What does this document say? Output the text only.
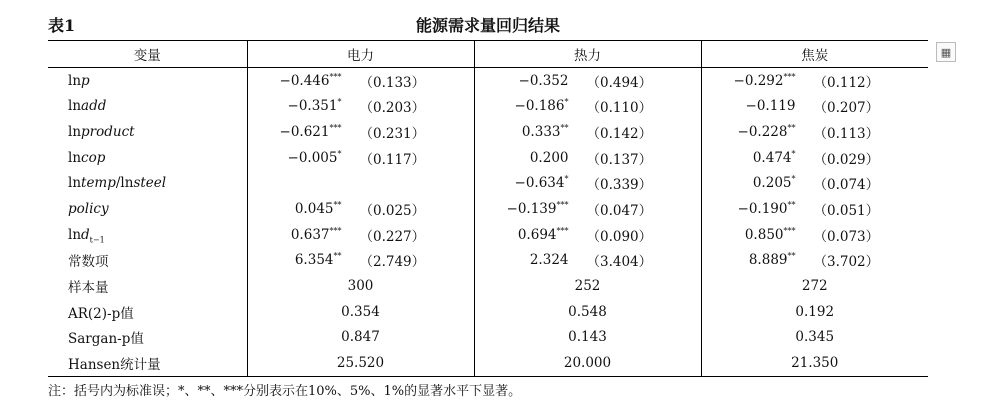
表1	能源需求量回归结果
变量	电力	热力	焦炭
lnp	−0.446*** （0.133）	−0.352 （0.494）	−0.292*** （0.112）

lnadd	−0.351* （0.203）	−0.186* （0.110）	−0.119 （0.207）

lnproduct	−0.621*** （0.231）	0.333** （0.142）	−0.228** （0.113）

lncop	−0.005* （0.117）	0.200 （0.137）	0.474* （0.029）

lntemp/lnsteel		−0.634* （0.339）	0.205* （0.074）

policy	0.045** （0.025）	−0.139*** （0.047）	−0.190** （0.051）

lnd$_{t-1}$	0.637*** （0.227）	0.694*** （0.090）	0.850*** （0.073）

常数项	6.354** （2.749）	2.324 （3.404）	8.889** （3.702）

样本量	300	252	272
AR(2)-p值	0.354	0.548	0.192
Sargan-p值	0.847	0.143	0.345
Hansen统计量	25.520	20.000	21.350
注：括号内为标准误；*、**、***分别表示在10%、5%、1%的显著水平下显著。
▦
